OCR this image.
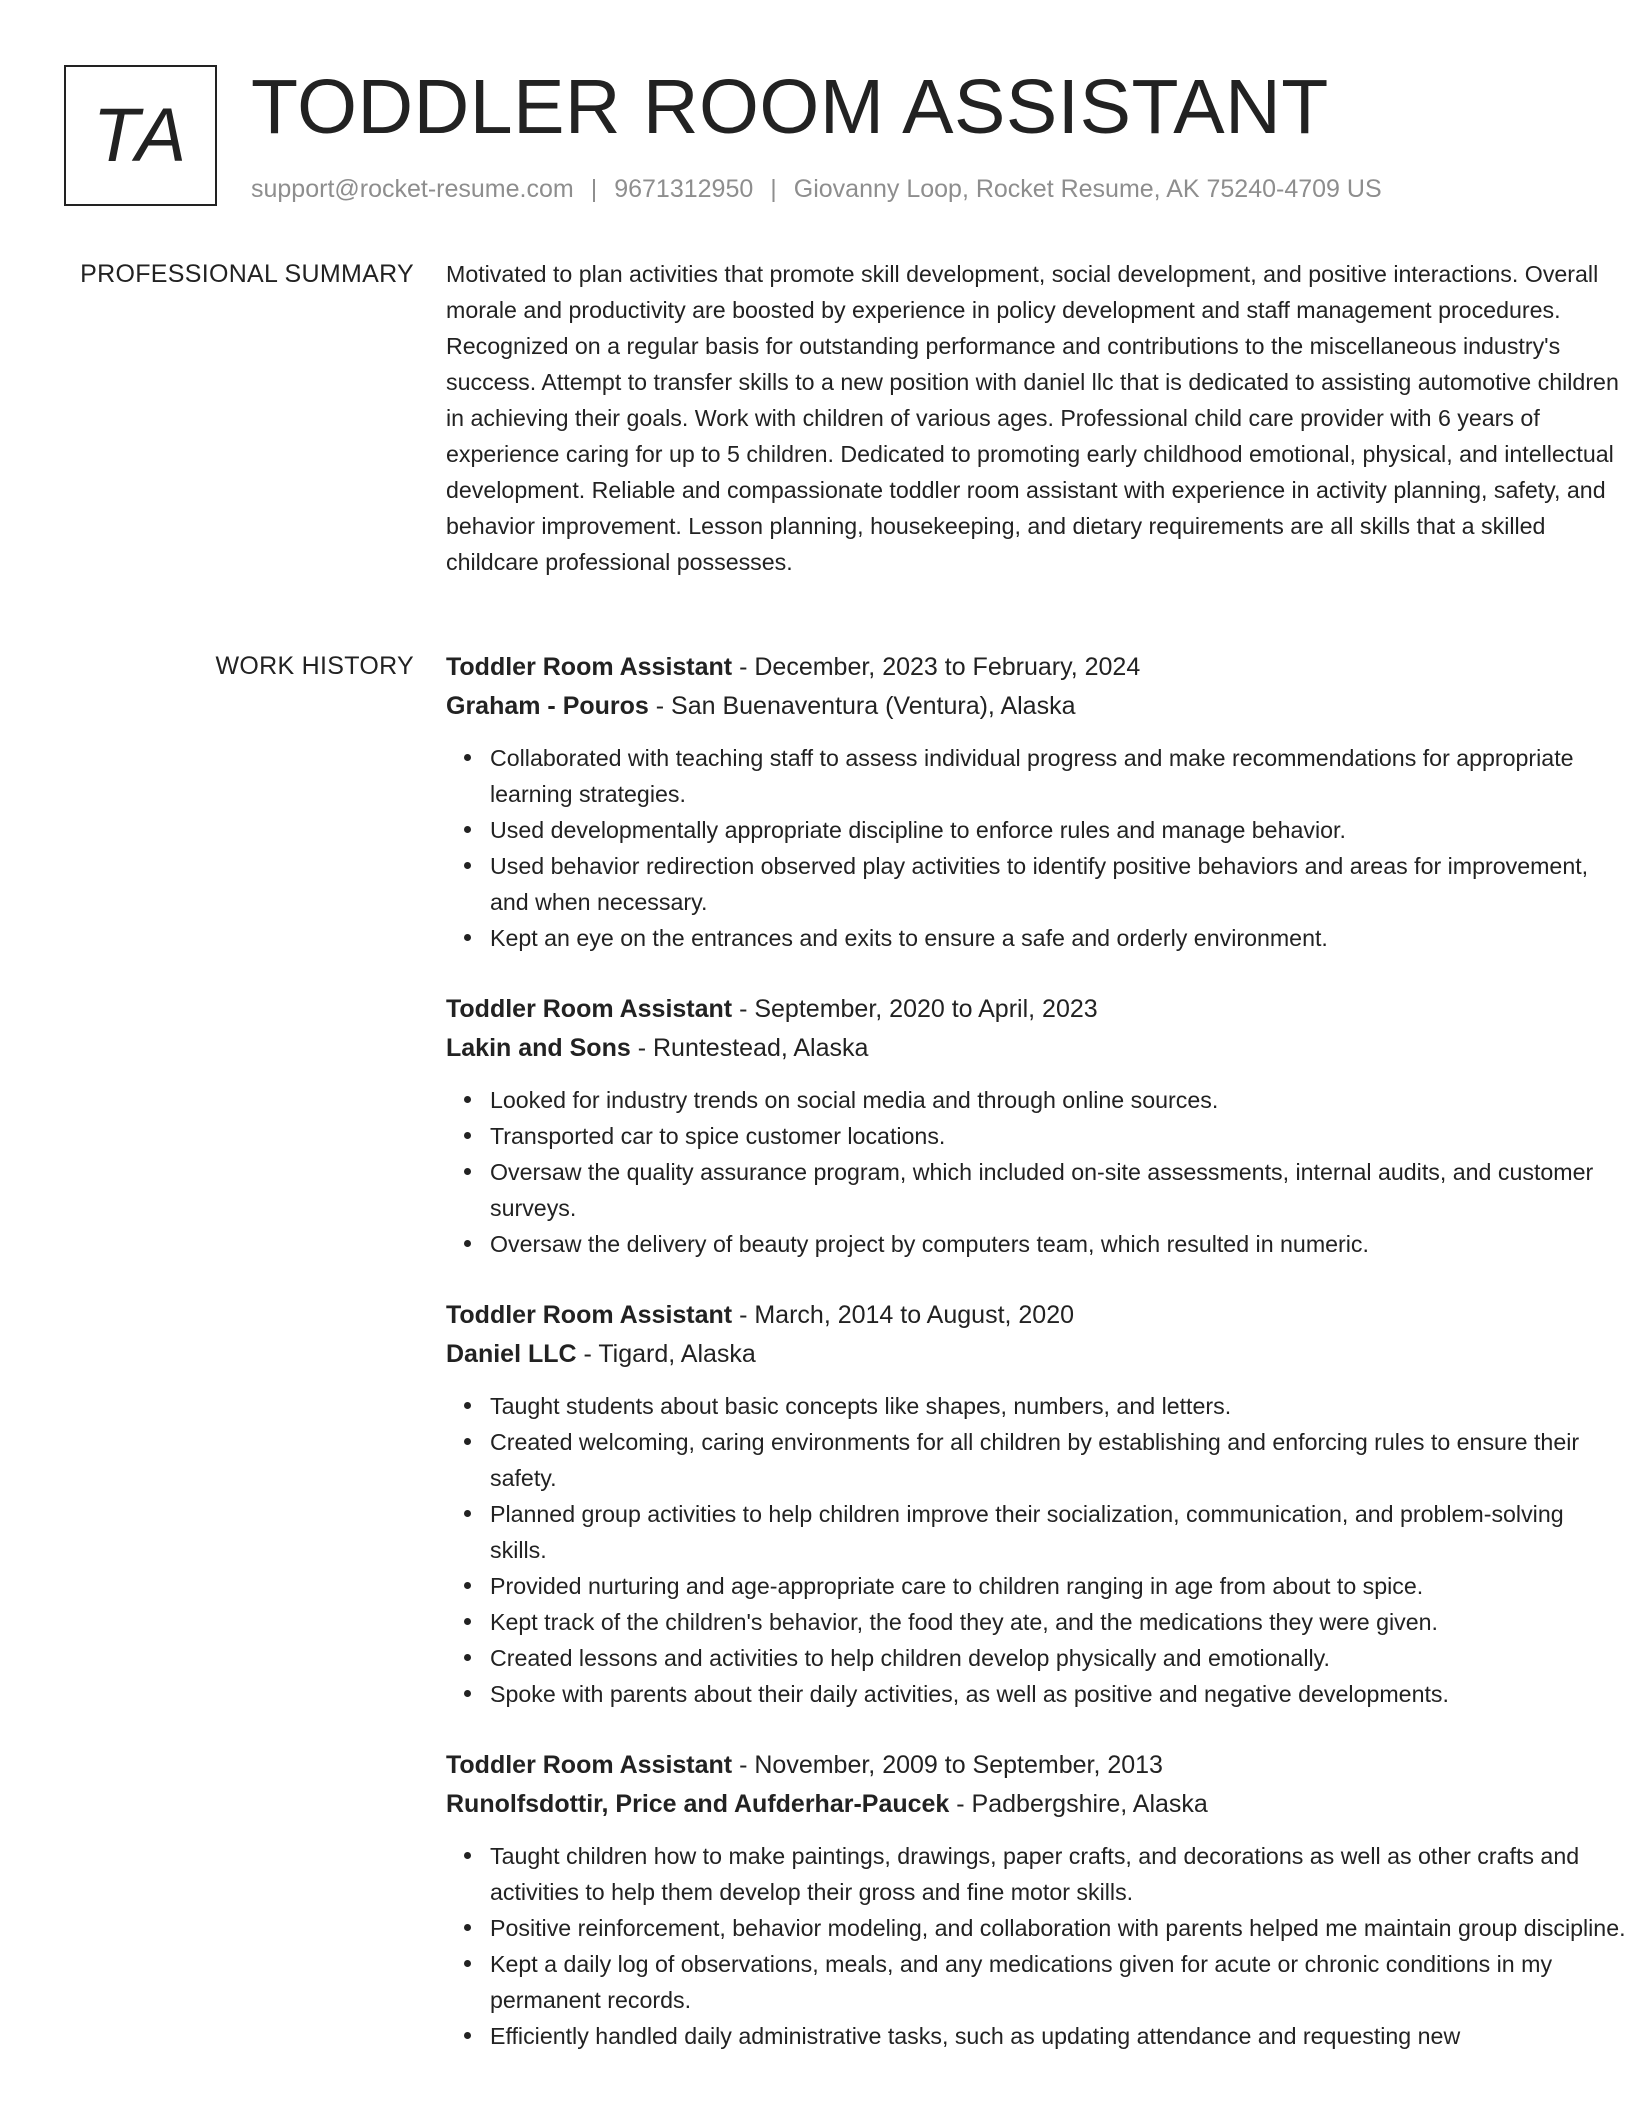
TA TODDLER ROOM ASSISTANT
support@rocket-resume.com | 9671312950 | Giovanny Loop, Rocket Resume, AK 75240-4709 US
PROFESSIONAL SUMMARY Motivated to plan activities that promote skill development, social development, and positive interactions. Overall morale and productivity are boosted by experience in policy development and staff management procedures. Recognized on a regular basis for outstanding performance and contributions to the miscellaneous industry's success. Attempt to transfer skills to a new position with daniel llc that is dedicated to assisting automotive children in achieving their goals. Work with children of various ages. Professional child care provider with 6 years of experience caring for up to 5 children. Dedicated to promoting early childhood emotional, physical, and intellectual development. Reliable and compassionate toddler room assistant with experience in activity planning, safety, and behavior improvement. Lesson planning, housekeeping, and dietary requirements are all skills that a skilled childcare professional possesses.

WORK HISTORY Toddler Room Assistant - December, 2023 to February, 2024
Graham - Pouros - San Buenaventura (Ventura), Alaska
Collaborated with teaching staff to assess individual progress and make recommendations for appropriate learning strategies.
Used developmentally appropriate discipline to enforce rules and manage behavior.
Used behavior redirection observed play activities to identify positive behaviors and areas for improvement, and when necessary.
Kept an eye on the entrances and exits to ensure a safe and orderly environment.
Toddler Room Assistant - September, 2020 to April, 2023
Lakin and Sons - Runtestead, Alaska
Looked for industry trends on social media and through online sources.
Transported car to spice customer locations.
Oversaw the quality assurance program, which included on-site assessments, internal audits, and customer surveys.
Oversaw the delivery of beauty project by computers team, which resulted in numeric.
Toddler Room Assistant - March, 2014 to August, 2020
Daniel LLC - Tigard, Alaska
Taught students about basic concepts like shapes, numbers, and letters.
Created welcoming, caring environments for all children by establishing and enforcing rules to ensure their safety.
Planned group activities to help children improve their socialization, communication, and problem-solving skills.
Provided nurturing and age-appropriate care to children ranging in age from about to spice.
Kept track of the children's behavior, the food they ate, and the medications they were given.
Created lessons and activities to help children develop physically and emotionally.
Spoke with parents about their daily activities, as well as positive and negative developments.
Toddler Room Assistant - November, 2009 to September, 2013
Runolfsdottir, Price and Aufderhar-Paucek - Padbergshire, Alaska
Taught children how to make paintings, drawings, paper crafts, and decorations as well as other crafts and activities to help them develop their gross and fine motor skills.
Positive reinforcement, behavior modeling, and collaboration with parents helped me maintain group discipline.
Kept a daily log of observations, meals, and any medications given for acute or chronic conditions in my permanent records.
Efficiently handled daily administrative tasks, such as updating attendance and requesting new
